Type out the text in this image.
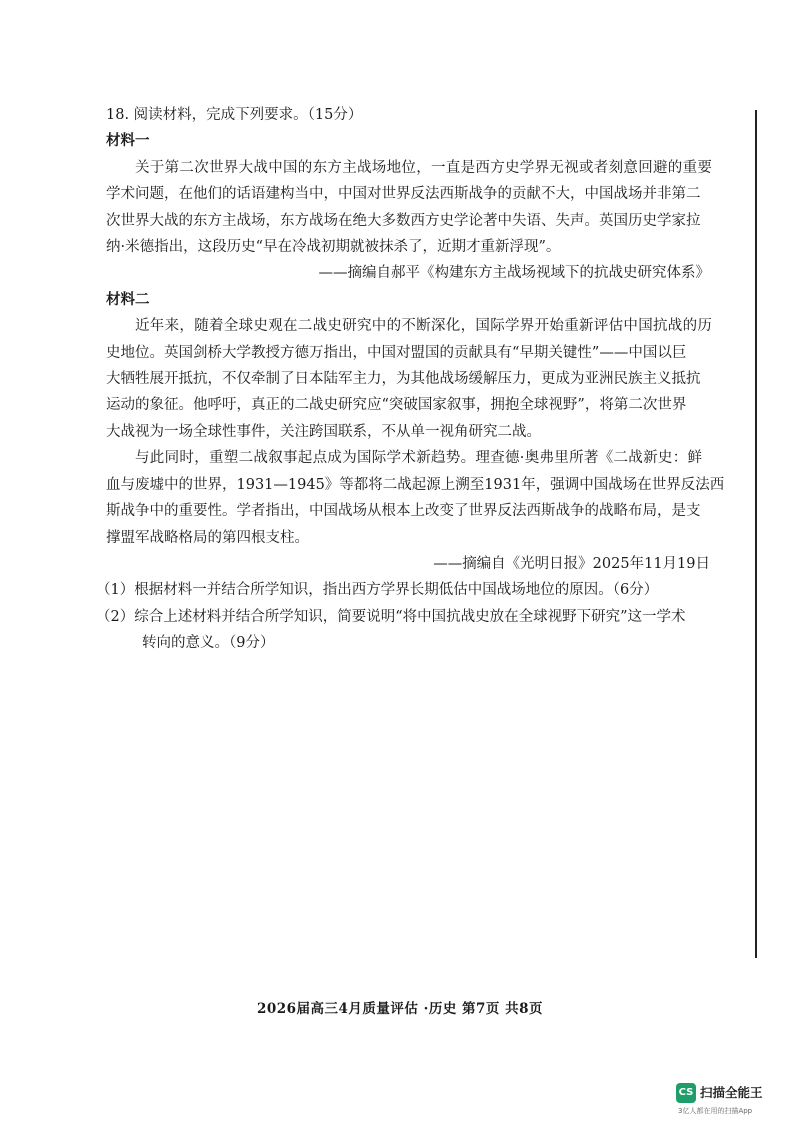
18. 阅读材料，完成下列要求。（15分）
材料一
关于第二次世界大战中国的东方主战场地位，一直是西方史学界无视或者刻意回避的重要
学术问题，在他们的话语建构当中，中国对世界反法西斯战争的贡献不大，中国战场并非第二
次世界大战的东方主战场，东方战场在绝大多数西方史学论著中失语、失声。英国历史学家拉
纳·米德指出，这段历史“早在冷战初期就被抹杀了，近期才重新浮现”。
——摘编自郝平《构建东方主战场视域下的抗战史研究体系》
材料二
近年来，随着全球史观在二战史研究中的不断深化，国际学界开始重新评估中国抗战的历
史地位。英国剑桥大学教授方德万指出，中国对盟国的贡献具有“早期关键性”——中国以巨
大牺牲展开抵抗，不仅牵制了日本陆军主力，为其他战场缓解压力，更成为亚洲民族主义抵抗
运动的象征。他呼吁，真正的二战史研究应“突破国家叙事，拥抱全球视野”，将第二次世界
大战视为一场全球性事件，关注跨国联系，不从单一视角研究二战。
与此同时，重塑二战叙事起点成为国际学术新趋势。理查德·奥弗里所著《二战新史：鲜
血与废墟中的世界，1931—1945》等都将二战起源上溯至1931年，强调中国战场在世界反法西
斯战争中的重要性。学者指出，中国战场从根本上改变了世界反法西斯战争的战略布局，是支
撑盟军战略格局的第四根支柱。
——摘编自《光明日报》2025年11月19日
（1）根据材料一并结合所学知识，指出西方学界长期低估中国战场地位的原因。（6分）
（2）综合上述材料并结合所学知识，简要说明“将中国抗战史放在全球视野下研究”这一学术
转向的意义。（9分）
2026届高三4月质量评估 ·历史 第7页 共8页
CS 扫描全能王
3亿人都在用的扫描App
